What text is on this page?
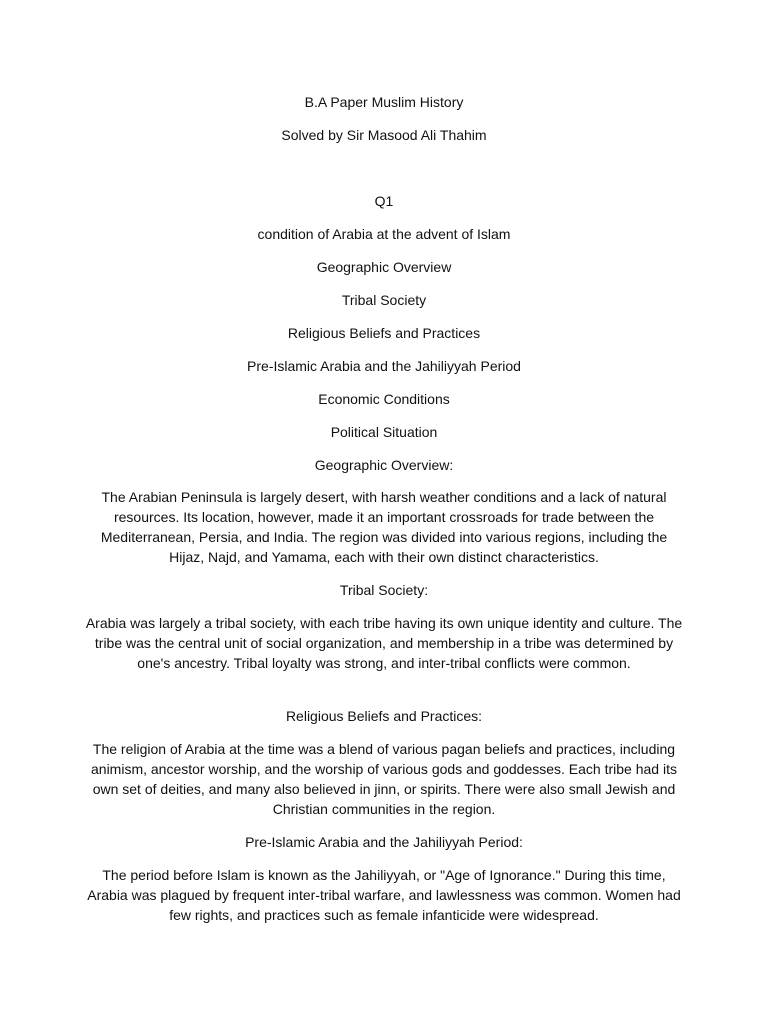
B.A Paper Muslim History
Solved by Sir Masood Ali Thahim
Q1
condition of Arabia at the advent of Islam
Geographic Overview
Tribal Society
Religious Beliefs and Practices
Pre-Islamic Arabia and the Jahiliyyah Period
Economic Conditions
Political Situation
Geographic Overview:
The Arabian Peninsula is largely desert, with harsh weather conditions and a lack of natural resources. Its location, however, made it an important crossroads for trade between the Mediterranean, Persia, and India. The region was divided into various regions, including the Hijaz, Najd, and Yamama, each with their own distinct characteristics.
Tribal Society:
Arabia was largely a tribal society, with each tribe having its own unique identity and culture. The tribe was the central unit of social organization, and membership in a tribe was determined by one's ancestry. Tribal loyalty was strong, and inter-tribal conflicts were common.
Religious Beliefs and Practices:
The religion of Arabia at the time was a blend of various pagan beliefs and practices, including animism, ancestor worship, and the worship of various gods and goddesses. Each tribe had its own set of deities, and many also believed in jinn, or spirits. There were also small Jewish and Christian communities in the region.
Pre-Islamic Arabia and the Jahiliyyah Period:
The period before Islam is known as the Jahiliyyah, or "Age of Ignorance." During this time, Arabia was plagued by frequent inter-tribal warfare, and lawlessness was common. Women had few rights, and practices such as female infanticide were widespread.
